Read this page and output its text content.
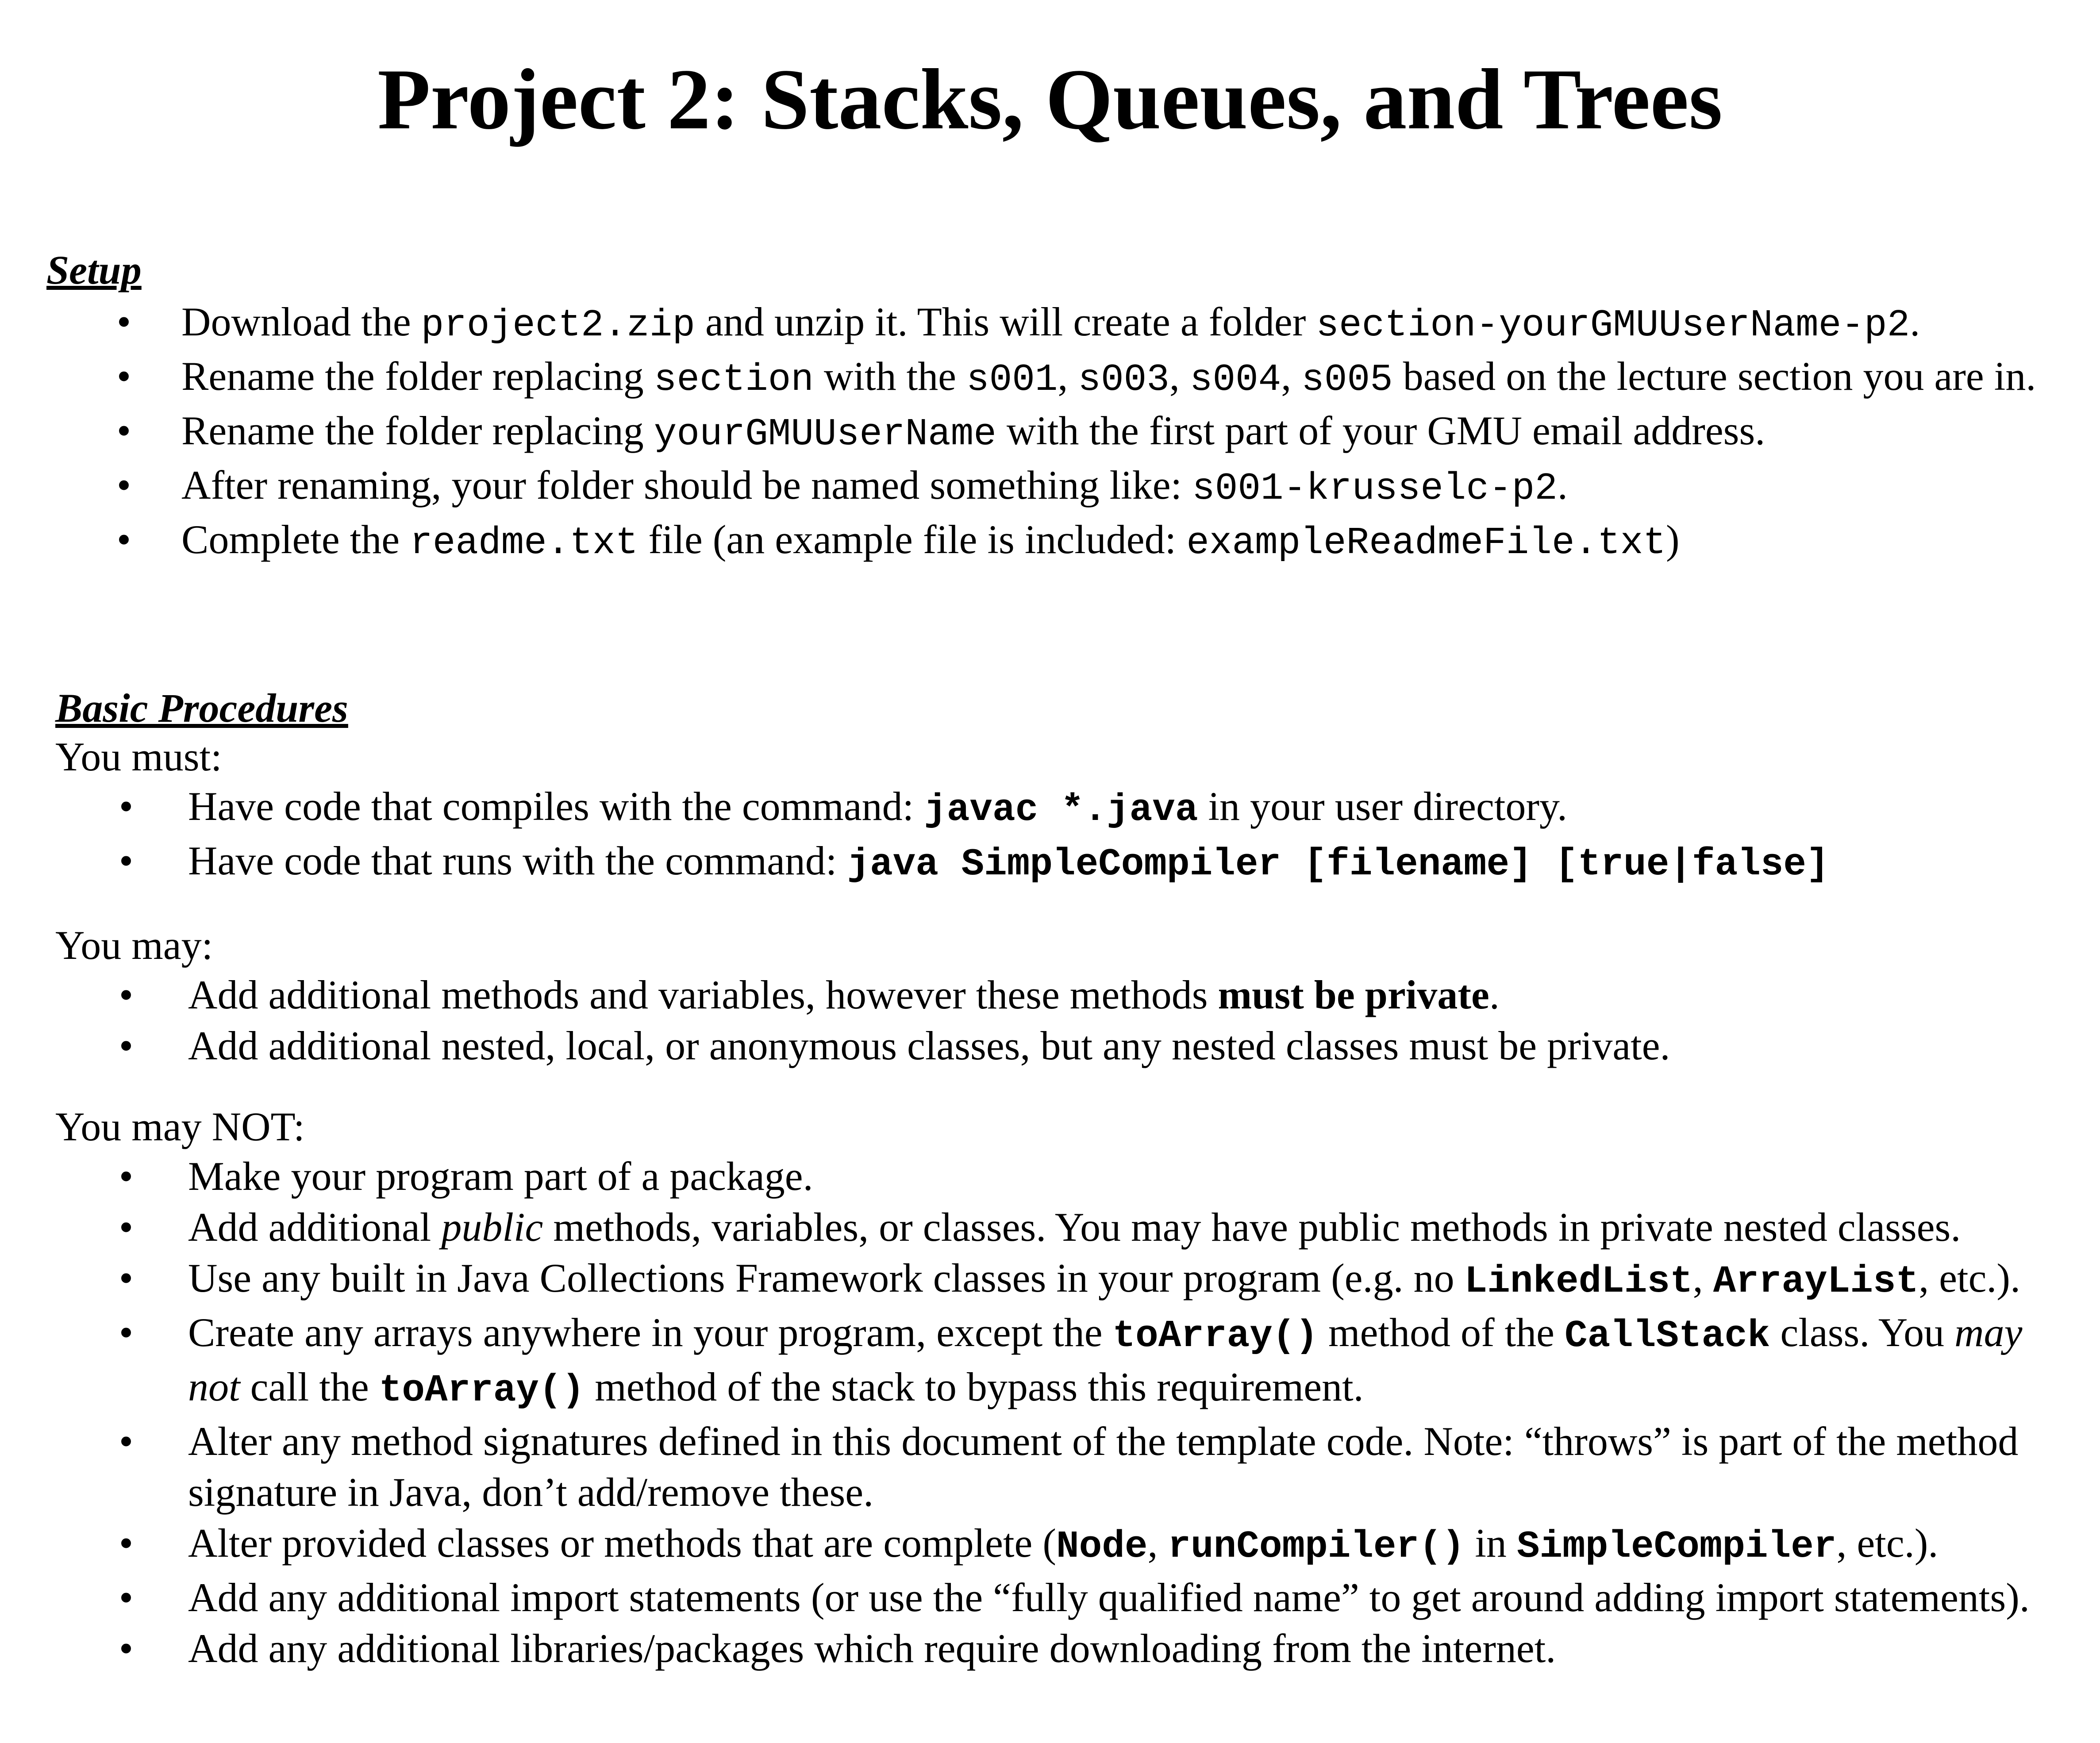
Project 2: Stacks, Queues, and Trees

Setup

• Download the project2.zip and unzip it. This will create a folder section-yourGMUUserName-p2.
• Rename the folder replacing section with the s001, s003, s004, s005 based on the lecture section you are in.
• Rename the folder replacing yourGMUUserName with the first part of your GMU email address.
• After renaming, your folder should be named something like: s001-krusselc-p2.
• Complete the readme.txt file (an example file is included: exampleReadmeFile.txt)

Basic Procedures

You must:

• Have code that compiles with the command: javac *.java in your user directory.
• Have code that runs with the command: java SimpleCompiler [filename] [true|false]

You may:

• Add additional methods and variables, however these methods must be private.
• Add additional nested, local, or anonymous classes, but any nested classes must be private.

You may NOT:

• Make your program part of a package.
• Add additional public methods, variables, or classes. You may have public methods in private nested classes.
• Use any built in Java Collections Framework classes in your program (e.g. no LinkedList, ArrayList, etc.).
• Create any arrays anywhere in your program, except the toArray() method of the CallStack class. You may not call the toArray() method of the stack to bypass this requirement.
• Alter any method signatures defined in this document of the template code. Note: “throws” is part of the method signature in Java, don’t add/remove these.
• Alter provided classes or methods that are complete (Node, runCompiler() in SimpleCompiler, etc.).
• Add any additional import statements (or use the “fully qualified name” to get around adding import statements).
• Add any additional libraries/packages which require downloading from the internet.
